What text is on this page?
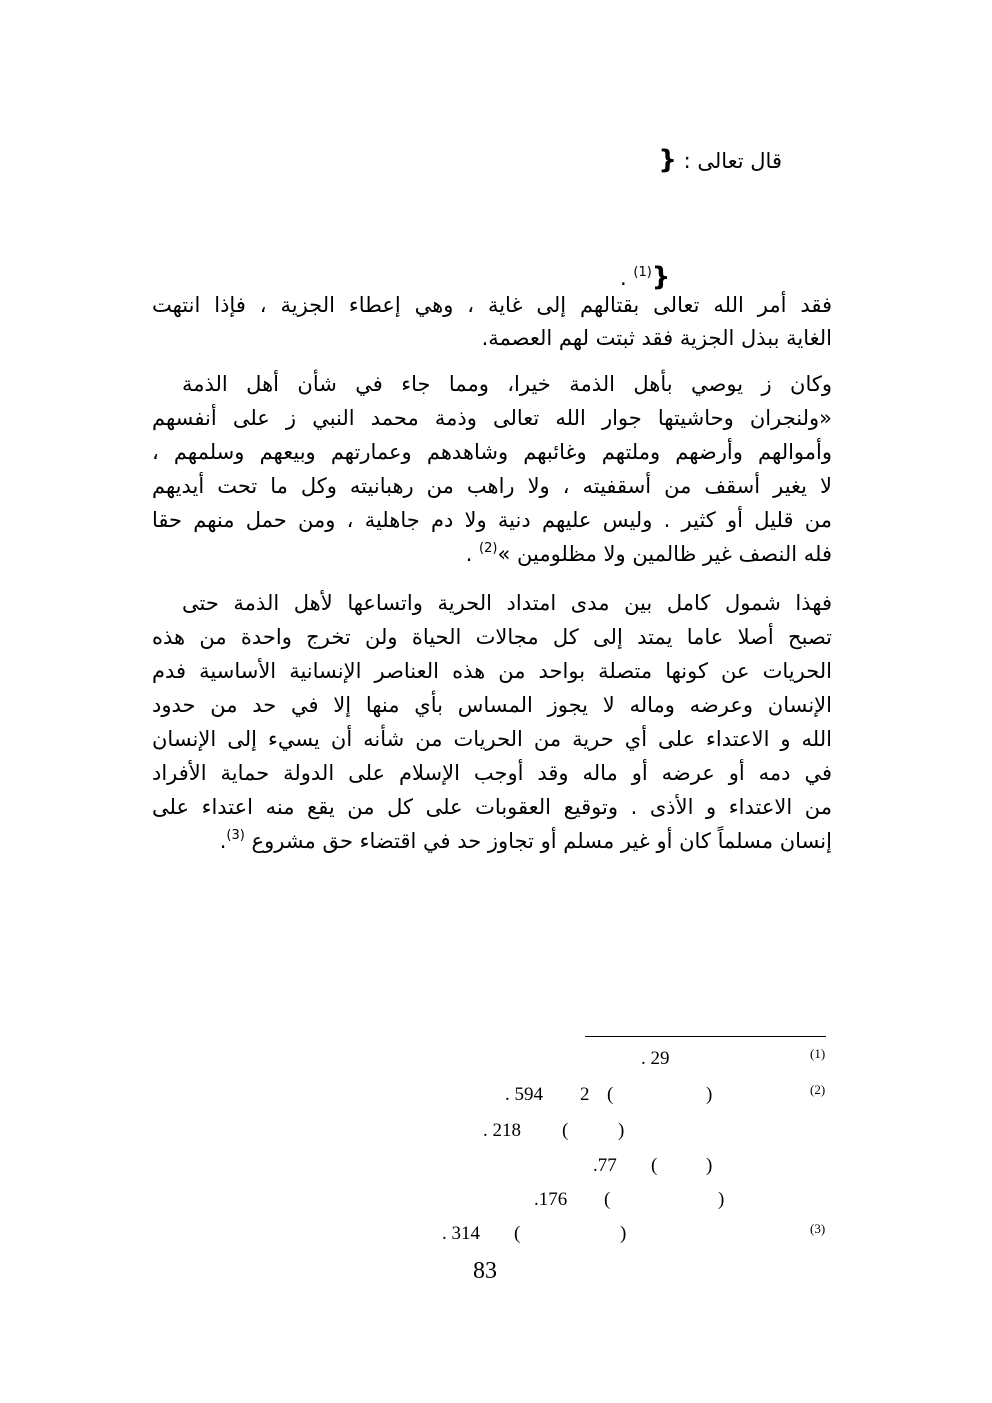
قال تعالى : {
. $^{(1)}$}
فقد أمر الله تعالى بقتالهم إلى غاية ، وهي إعطاء الجزية ، فإذا انتهت
الغاية ببذل الجزية فقد ثبتت لهم العصمة.
وكان ز يوصي بأهل الذمة خيرا، ومما جاء في شأن أهل الذمة
«ولنجران وحاشيتها جوار الله تعالى وذمة محمد النبي ز على أنفسهم
وأموالهم وأرضهم وملتهم وغائبهم وشاهدهم وعمارتهم وبيعهم وسلمهم ،
لا يغير أسقف من أسقفيته ، ولا راهب من رهبانيته وكل ما تحت أيديهم
من قليل أو كثير . وليس عليهم دنية ولا دم جاهلية ، ومن حمل منهم حقا
فله النصف غير ظالمين ولا مظلومين »$^{(2)}$ .
فهذا شمول كامل بين مدى امتداد الحرية واتساعها لأهل الذمة حتى
تصبح أصلا عاما يمتد إلى كل مجالات الحياة ولن تخرج واحدة من هذه
الحريات عن كونها متصلة بواحد من هذه العناصر الإنسانية الأساسية فدم
الإنسان وعرضه وماله لا يجوز المساس بأي منها إلا في حد من حدود
الله و الاعتداء على أي حرية من الحريات من شأنه أن يسيء إلى الإنسان
في دمه أو عرضه أو ماله وقد أوجب الإسلام على الدولة حماية الأفراد
من الاعتداء و الأذى . وتوقيع العقوبات على كل من يقع منه اعتداء على
إنسان مسلماً كان أو غير مسلم أو تجاوز حد في اقتضاء حق مشروع $^{(3)}$.
(1)
. 29
(2)
. 594 2 (	)
. 218 (	)
.77 (	)
.176 (	)
(3)
. 314 (	)
83
